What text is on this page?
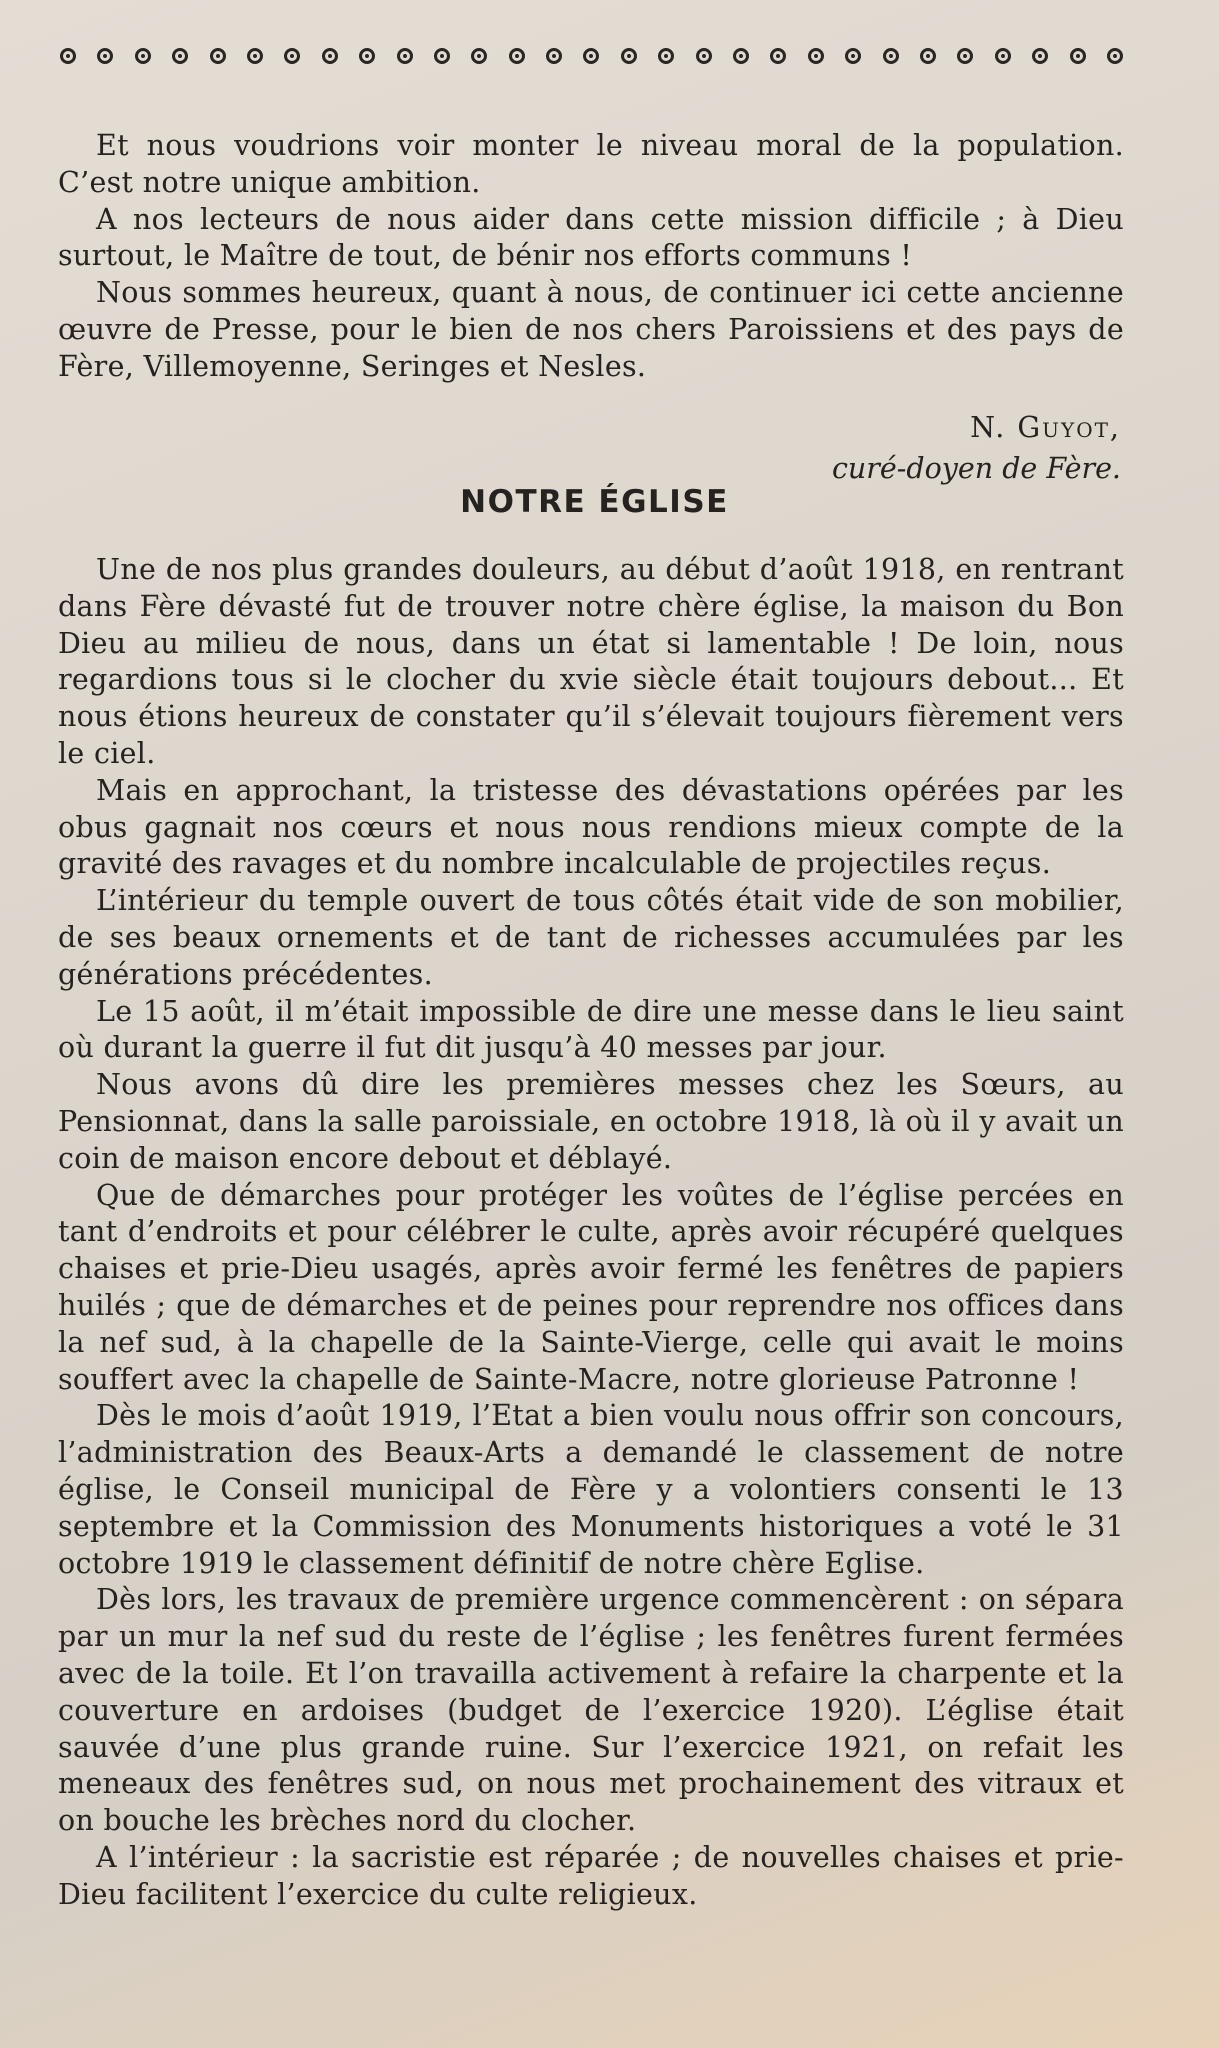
Et nous voudrions voir monter le niveau moral de la population. C’est notre unique ambition.

A nos lecteurs de nous aider dans cette mission difficile ; à Dieu surtout, le Maître de tout, de bénir nos efforts communs !

Nous sommes heureux, quant à nous, de continuer ici cette ancienne œuvre de Presse, pour le bien de nos chers Paroissiens et des pays de Fère, Villemoyenne, Seringes et Nesles.

N. Guyot,
curé-doyen de Fère.
NOTRE ÉGLISE

Une de nos plus grandes douleurs, au début d’août 1918, en rentrant dans Fère dévasté fut de trouver notre chère église, la maison du Bon Dieu au milieu de nous, dans un état si lamentable ! De loin, nous regardions tous si le clocher du xvie siècle était toujours debout... Et nous étions heureux de constater qu’il s’élevait toujours fièrement vers le ciel.

Mais en approchant, la tristesse des dévastations opérées par les obus gagnait nos cœurs et nous nous rendions mieux compte de la gravité des ravages et du nombre incalculable de projectiles reçus.

L’intérieur du temple ouvert de tous côtés était vide de son mobilier, de ses beaux ornements et de tant de richesses accumulées par les générations précédentes.

Le 15 août, il m’était impossible de dire une messe dans le lieu saint où durant la guerre il fut dit jusqu’à 40 messes par jour.

Nous avons dû dire les premières messes chez les Sœurs, au Pensionnat, dans la salle paroissiale, en octobre 1918, là où il y avait un coin de maison encore debout et déblayé.

Que de démarches pour protéger les voûtes de l’église percées en tant d’endroits et pour célébrer le culte, après avoir récupéré quelques chaises et prie-Dieu usagés, après avoir fermé les fenêtres de papiers huilés ; que de démarches et de peines pour reprendre nos offices dans la nef sud, à la chapelle de la Sainte-Vierge, celle qui avait le moins souffert avec la chapelle de Sainte-Macre, notre glorieuse Patronne !

Dès le mois d’août 1919, l’Etat a bien voulu nous offrir son concours, l’administration des Beaux-Arts a demandé le classement de notre église, le Conseil municipal de Fère y a volontiers consenti le 13 septembre et la Commission des Monuments historiques a voté le 31 octobre 1919 le classement définitif de notre chère Eglise.

Dès lors, les travaux de première urgence commencèrent : on sépara par un mur la nef sud du reste de l’église ; les fenêtres furent fermées avec de la toile. Et l’on travailla activement à refaire la charpente et la couverture en ardoises (budget de l’exercice 1920). L’église était sauvée d’une plus grande ruine. Sur l’exercice 1921, on refait les meneaux des fenêtres sud, on nous met prochainement des vitraux et on bouche les brèches nord du clocher.

A l’intérieur : la sacristie est réparée ; de nouvelles chaises et prie-Dieu facilitent l’exercice du culte religieux.
